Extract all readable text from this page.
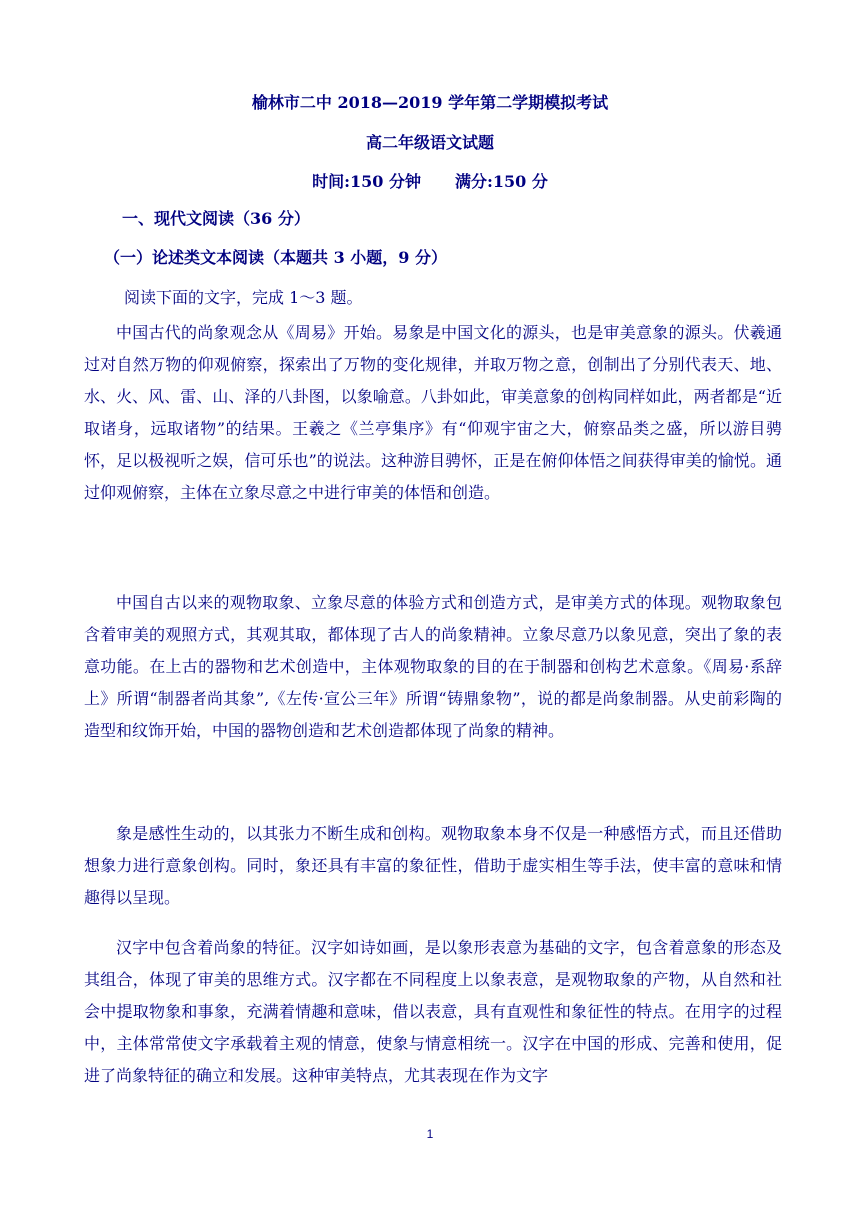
榆林市二中 2018—2019 学年第二学期模拟考试
高二年级语文试题
时间:150 分钟 满分:150 分
一、现代文阅读（36 分）
（一）论述类文本阅读（本题共 3 小题，9 分）
阅读下面的文字，完成 1～3 题。

中国古代的尚象观念从《周易》开始。易象是中国文化的源头，也是审美意象的源头。伏羲通过对自然万物的仰观俯察，探索出了万物的变化规律，并取万物之意，创制出了分别代表天、地、水、火、风、雷、山、泽的八卦图，以象喻意。八卦如此，审美意象的创构同样如此，两者都是“近取诸身，远取诸物”的结果。王羲之《兰亭集序》有“仰观宇宙之大，俯察品类之盛，所以游目骋怀，足以极视听之娱，信可乐也”的说法。这种游目骋怀，正是在俯仰体悟之间获得审美的愉悦。通过仰观俯察，主体在立象尽意之中进行审美的体悟和创造。

中国自古以来的观物取象、立象尽意的体验方式和创造方式，是审美方式的体现。观物取象包含着审美的观照方式，其观其取，都体现了古人的尚象精神。立象尽意乃以象见意，突出了象的表意功能。在上古的器物和艺术创造中，主体观物取象的目的在于制器和创构艺术意象。《周易·系辞上》所谓“制器者尚其象”,《左传·宣公三年》所谓“铸鼎象物”，说的都是尚象制器。从史前彩陶的造型和纹饰开始，中国的器物创造和艺术创造都体现了尚象的精神。

象是感性生动的，以其张力不断生成和创构。观物取象本身不仅是一种感悟方式，而且还借助想象力进行意象创构。同时，象还具有丰富的象征性，借助于虚实相生等手法，使丰富的意味和情趣得以呈现。

汉字中包含着尚象的特征。汉字如诗如画，是以象形表意为基础的文字，包含着意象的形态及其组合，体现了审美的思维方式。汉字都在不同程度上以象表意，是观物取象的产物，从自然和社会中提取物象和事象，充满着情趣和意味，借以表意，具有直观性和象征性的特点。在用字的过程中，主体常常使文字承载着主观的情意，使象与情意相统一。汉字在中国的形成、完善和使用，促进了尚象特征的确立和发展。这种审美特点，尤其表现在作为文字

1
